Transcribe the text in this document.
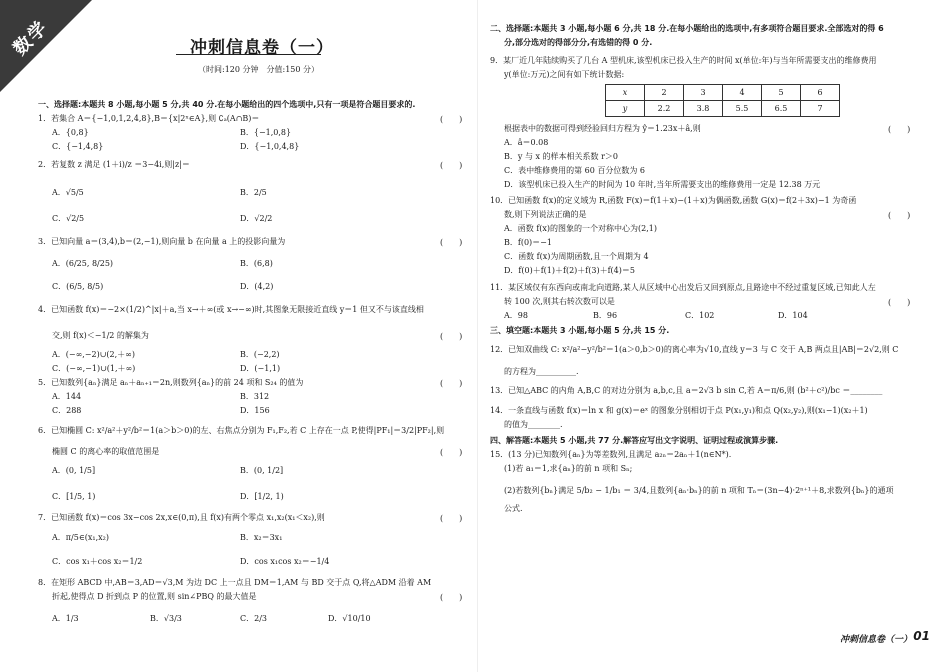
数学	冲刺信息卷（一）
（时间:120 分钟　分值:150 分）
一、选择题:本题共 8 小题,每小题 5 分,共 40 分.在每小题给出的四个选项中,只有一项是符合题目要求的.
1．若集合 A＝{−1,0,1,2,4,8},B＝{x|2ˣ∈A},则 ∁ₐ(A∩B)＝	(　　)
A．{0,8}	B．{−1,0,8}
C．{−1,4,8}	D．{−1,0,4,8}
2．若复数 z 满足 (1＋i)/z ＝3−4i,则|z|＝	(　　)
A．√5/5	B．2/5
C．√2/5	D．√2/2
3．已知向量 a＝(3,4),b＝(2,−1),则向量 b 在向量 a 上的投影向量为	(　　)
A．(6/25, 8/25)	B．(6,8)
C．(6/5, 8/5)	D．(4,2)
4．已知函数 f(x)＝−2×(1/2)^|x|＋a,当 x→＋∞(或 x→−∞)时,其图象无限接近直线 y＝1 但又不与该直线相
交,则 f(x)＜−1/2 的解集为	(　　)
A．(−∞,−2)∪(2,＋∞)	B．(−2,2)
C．(−∞,−1)∪(1,＋∞)	D．(−1,1)
5．已知数列{aₙ}满足 aₙ＋aₙ₊₁＝2n,则数列{aₙ}的前 24 项和 S₂₄ 的值为	(　　)
A．144	B．312
C．288	D．156
6．已知椭圆 C: x²/a²＋y²/b²＝1(a＞b＞0)的左、右焦点分别为 F₁,F₂,若 C 上存在一点 P,使得|PF₁|＝3/2|PF₂|,则
椭圆 C 的离心率的取值范围是	(　　)
A．(0, 1/5]	B．(0, 1/2]
C．[1/5, 1)	D．[1/2, 1)
7．已知函数 f(x)＝cos 3x−cos 2x,x∈(0,π),且 f(x)有两个零点 x₁,x₂(x₁＜x₂),则	(　　)
A．π/5∈(x₁,x₂)	B．x₂＝3x₁
C．cos x₁＋cos x₂＝1/2	D．cos x₁cos x₂＝−1/4
8．在矩形 ABCD 中,AB＝3,AD＝√3,M 为边 DC 上一点且 DM＝1,AM 与 BD 交于点 Q,将△ADM 沿着 AM
折起,使得点 D 折到点 P 的位置,则 sin∠PBQ 的最大值是	(　　)
A．1/3	B．√3/3	C．2/3	D．√10/10
二、选择题:本题共 3 小题,每小题 6 分,共 18 分.在每小题给出的选项中,有多项符合题目要求.全部选对的得 6
分,部分选对的得部分分,有选错的得 0 分.
9．某厂近几年陆续购买了几台 A 型机床,该型机床已投入生产的时间 x(单位:年)与当年所需要支出的维修费用
y(单位:万元)之间有如下统计数据:
x	2	3	4	5	6
y	2.2	3.8	5.5	6.5	7
根据表中的数据可得到经验回归方程为 ŷ＝1.23x＋â,则	(　　)
A．â＝0.08
B．y 与 x 的样本相关系数 r＞0
C．表中维修费用的第 60 百分位数为 6
D．该型机床已投入生产的时间为 10 年时,当年所需要支出的维修费用一定是 12.38 万元
10．已知函数 f(x)的定义域为 R,函数 F(x)＝f(1＋x)−(1＋x)为偶函数,函数 G(x)＝f(2＋3x)−1 为奇函
数,则下列说法正确的是	(　　)
A．函数 f(x)的图象的一个对称中心为(2,1)
B．f(0)＝−1
C．函数 f(x)为周期函数,且一个周期为 4
D．f(0)＋f(1)＋f(2)＋f(3)＋f(4)＝5
11．某区域仅有东西向或南北向道路,某人从区域中心出发后又回到原点,且路途中不经过重复区域,已知此人左
转 100 次,则其右转次数可以是	(　　)
A．98	B．96	C．102	D．104
三、填空题:本题共 3 小题,每小题 5 分,共 15 分.
12．已知双曲线 C: x²/a²−y²/b²＝1(a＞0,b＞0)的离心率为√10,直线 y＝3 与 C 交于 A,B 两点且|AB|＝2√2,则 C
的方程为__________.
13．已知△ABC 的内角 A,B,C 的对边分别为 a,b,c,且 a＝2√3 b sin C,若 A＝π/6,则 (b²＋c²)/bc ＝________
14．一条直线与函数 f(x)＝ln x 和 g(x)＝eˣ 的图象分别相切于点 P(x₁,y₁)和点 Q(x₂,y₂),则(x₁−1)(x₂＋1)
的值为________.
四、解答题:本题共 5 小题,共 77 分.解答应写出文字说明、证明过程或演算步骤.
15．(13 分)已知数列{aₙ}为等差数列,且满足 a₂ₙ＝2aₙ＋1(n∈N*).
(1)若 a₁＝1,求{aₙ}的前 n 项和 Sₙ;
(2)若数列{bₙ}满足 5/b₂ − 1/b₁ ＝ 3/4,且数列{aₙ·bₙ}的前 n 项和 Tₙ＝(3n−4)·2ⁿ⁺¹＋8,求数列{bₙ}的通项
公式.
冲刺信息卷（一） 01
